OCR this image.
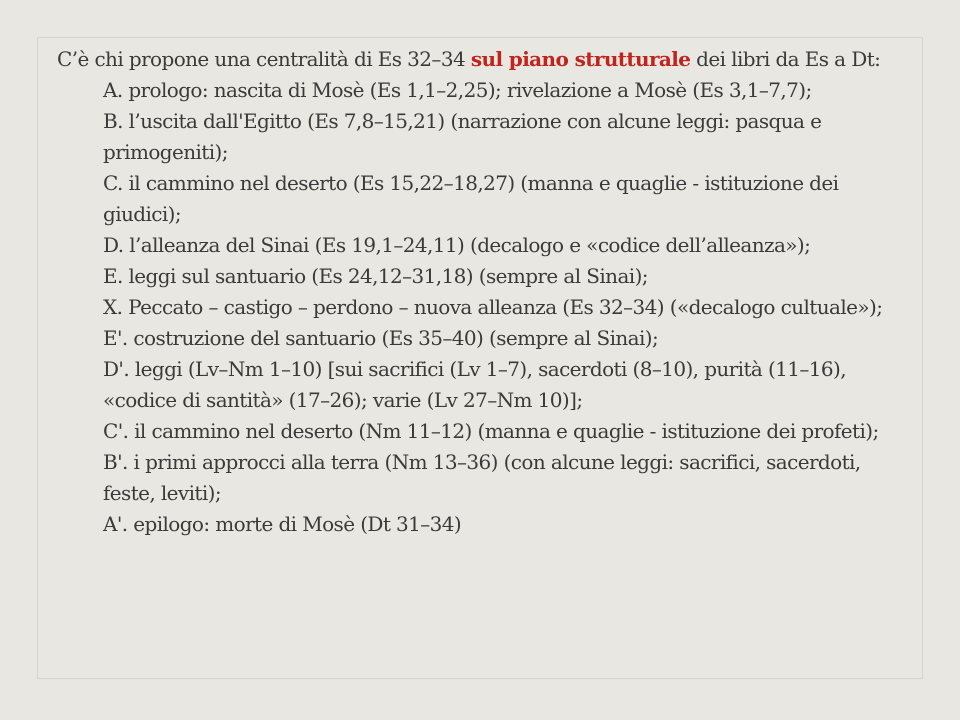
C’è chi propone una centralità di Es 32–34 sul piano strutturale dei libri da Es a Dt:

A. prologo: nascita di Mosè (Es 1,1–2,25); rivelazione a Mosè (Es 3,1–7,7);

B. l’uscita dall'Egitto (Es 7,8–15,21) (narrazione con alcune leggi: pasqua e primogeniti);

C. il cammino nel deserto (Es 15,22–18,27) (manna e quaglie - istituzione dei giudici);

D. l’alleanza del Sinai (Es 19,1–24,11) (decalogo e «codice dell’alleanza»);

E. leggi sul santuario (Es 24,12–31,18) (sempre al Sinai);

X. Peccato – castigo – perdono – nuova alleanza (Es 32–34) («decalogo cultuale»);

E'. costruzione del santuario (Es 35–40) (sempre al Sinai);

D'. leggi (Lv–Nm 1–10) [sui sacrifici (Lv 1–7), sacerdoti (8–10), purità (11–16), «codice di santità» (17–26); varie (Lv 27–Nm 10)];

C'. il cammino nel deserto (Nm 11–12) (manna e quaglie - istituzione dei profeti);

B'. i primi approcci alla terra (Nm 13–36) (con alcune leggi: sacrifici, sacerdoti, feste, leviti);

A'. epilogo: morte di Mosè (Dt 31–34)
